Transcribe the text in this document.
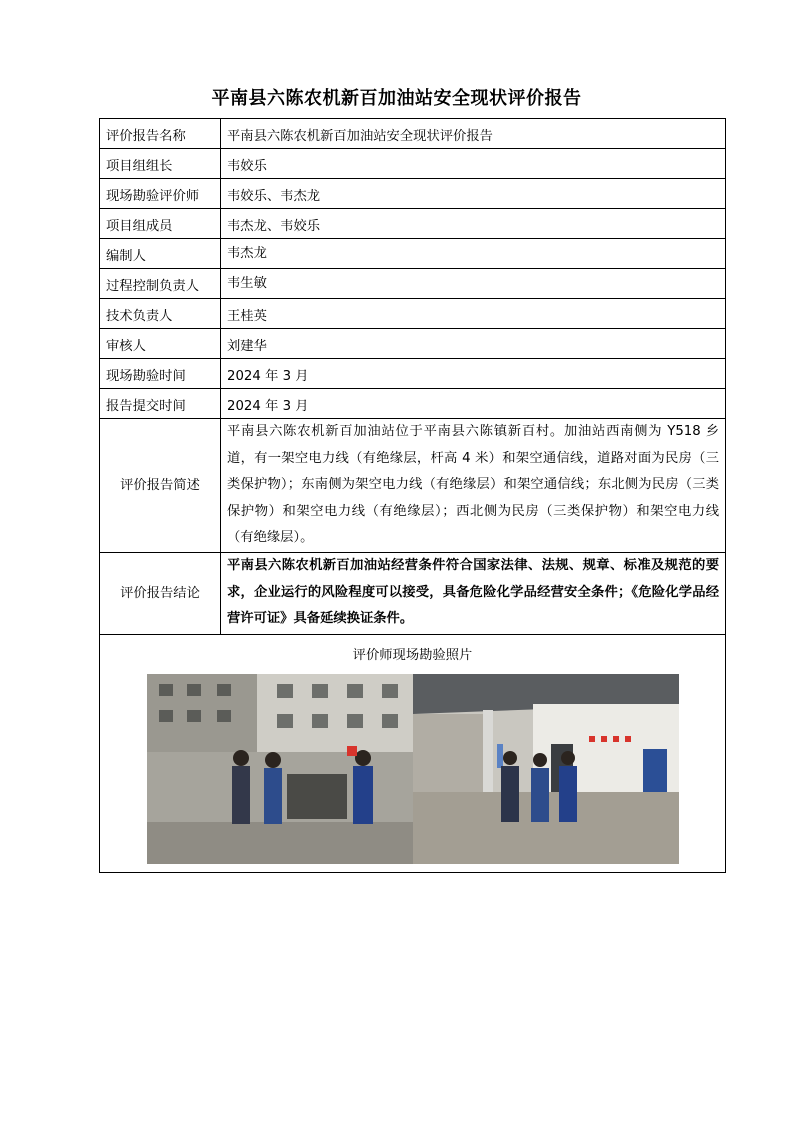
平南县六陈农机新百加油站安全现状评价报告
评价报告名称	平南县六陈农机新百加油站安全现状评价报告
项目组组长	韦姣乐
现场勘验评价师	韦姣乐、韦杰龙
项目组成员	韦杰龙、韦姣乐
编制人	韦杰龙
过程控制负责人	韦生敏
技术负责人	王桂英
审核人	刘建华
现场勘验时间	2024 年 3 月
报告提交时间	2024 年 3 月
评价报告简述	平南县六陈农机新百加油站位于平南县六陈镇新百村。加油站西南侧为 Y518 乡道，有一架空电力线（有绝缘层，杆高 4 米）和架空通信线，道路对面为民房（三类保护物）；东南侧为架空电力线（有绝缘层）和架空通信线；东北侧为民房（三类保护物）和架空电力线（有绝缘层）；西北侧为民房（三类保护物）和架空电力线（有绝缘层）。
评价报告结论	平南县六陈农机新百加油站经营条件符合国家法律、法规、规章、标准及规范的要求，企业运行的风险程度可以接受，具备危险化学品经营安全条件；《危险化学品经营许可证》具备延续换证条件。

评价师现场勘验照片	
